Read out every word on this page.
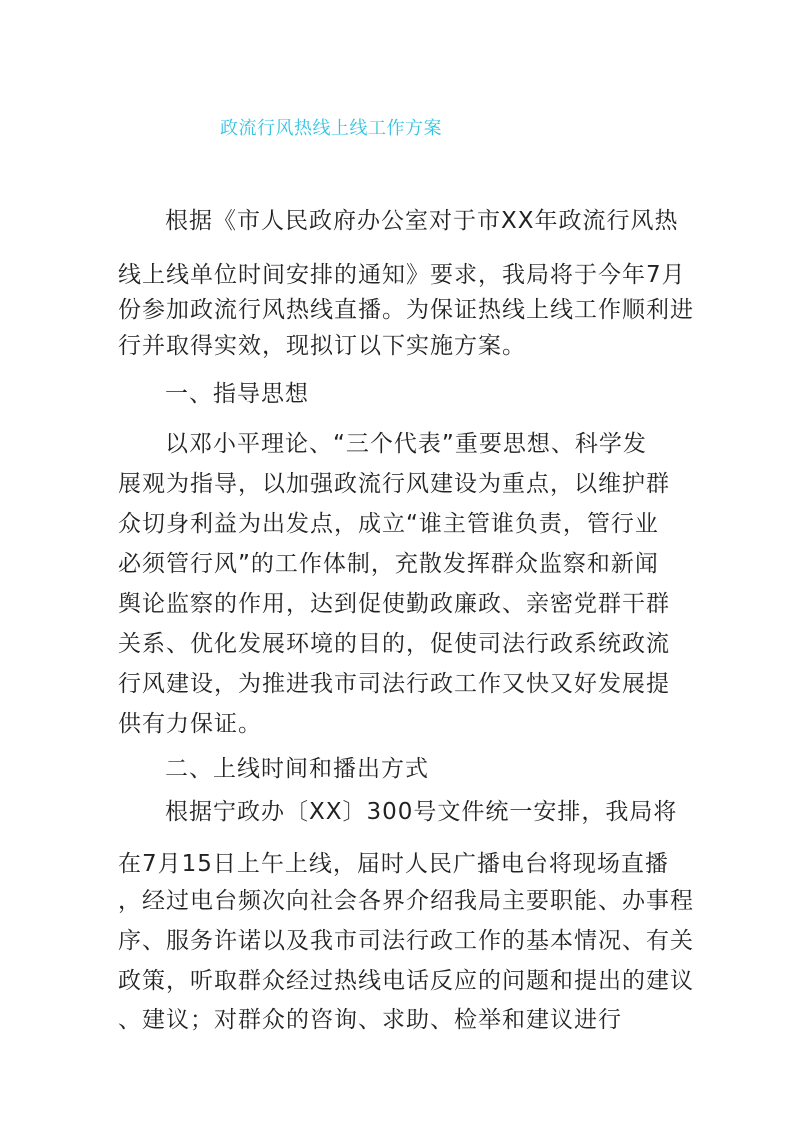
政流行风热线上线工作方案
根据《市人民政府办公室对于市XX年政流行风热
线上线单位时间安排的通知》要求，我局将于今年7月
份参加政流行风热线直播。为保证热线上线工作顺利进
行并取得实效，现拟订以下实施方案。
一、指导思想
以邓小平理论、“三个代表”重要思想、科学发
展观为指导，以加强政流行风建设为重点，以维护群
众切身利益为出发点，成立“谁主管谁负责，管行业
必须管行风”的工作体制，充散发挥群众监察和新闻
舆论监察的作用，达到促使勤政廉政、亲密党群干群
关系、优化发展环境的目的，促使司法行政系统政流
行风建设，为推进我市司法行政工作又快又好发展提
供有力保证。
二、上线时间和播出方式
根据宁政办〔XX〕300号文件统一安排，我局将
在7月15日上午上线，届时人民广播电台将现场直播
，经过电台频次向社会各界介绍我局主要职能、办事程
序、服务许诺以及我市司法行政工作的基本情况、有关
政策，听取群众经过热线电话反应的问题和提出的建议
、建议；对群众的咨询、求助、检举和建议进行
